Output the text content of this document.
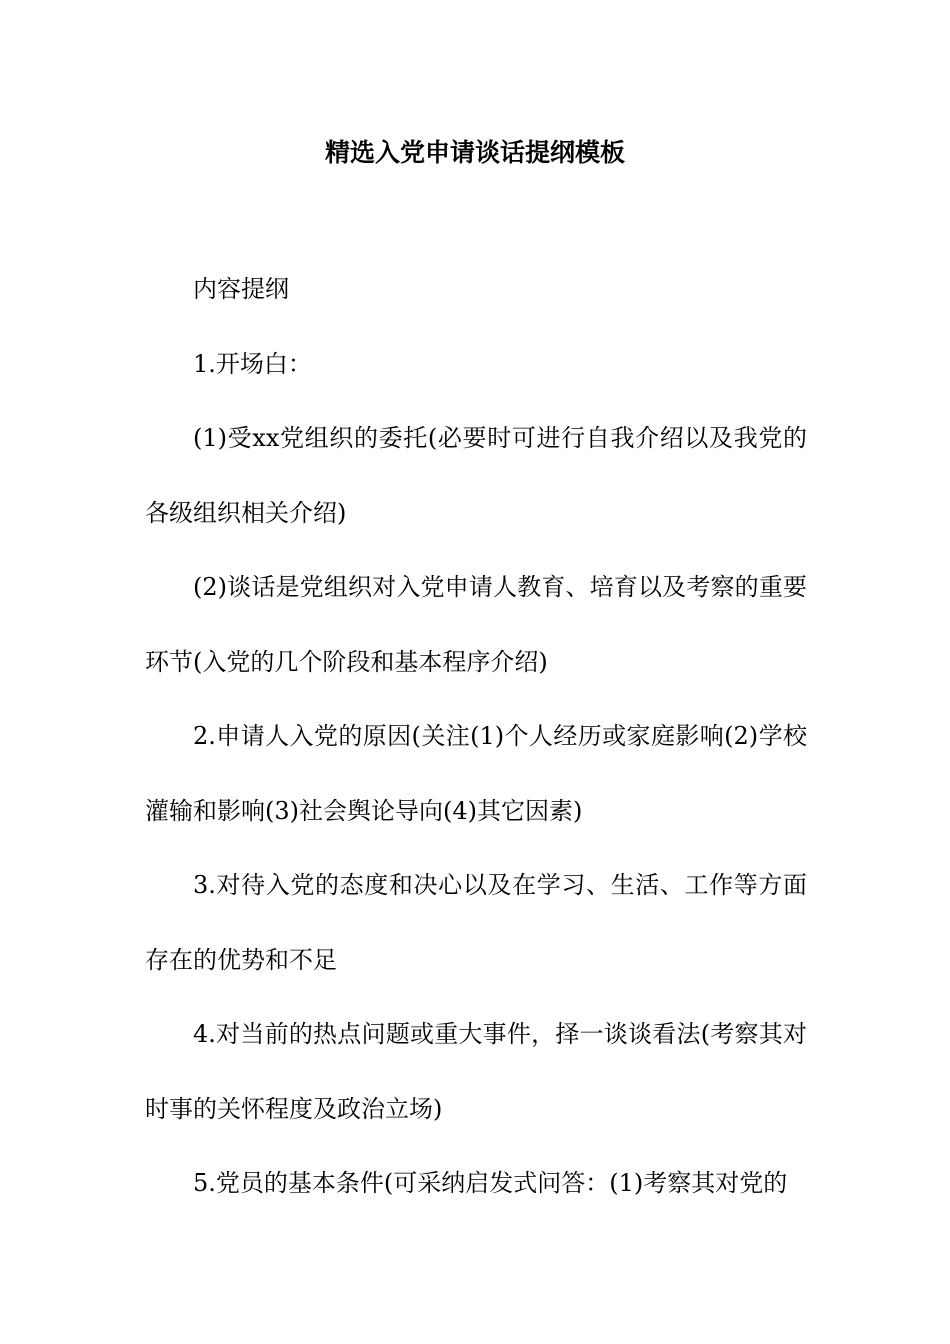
精选入党申请谈话提纲模板

内容提纲

1.开场白：

(1)受xx党组织的委托(必要时可进行自我介绍以及我党的各级组织相关介绍)

(2)谈话是党组织对入党申请人教育、培育以及考察的重要环节(入党的几个阶段和基本程序介绍)

2.申请人入党的原因(关注(1)个人经历或家庭影响(2)学校灌输和影响(3)社会舆论导向(4)其它因素)

3.对待入党的态度和决心以及在学习、生活、工作等方面存在的优势和不足

4.对当前的热点问题或重大事件，择一谈谈看法(考察其对时事的关怀程度及政治立场)

5.党员的基本条件(可采纳启发式问答：(1)考察其对党的
